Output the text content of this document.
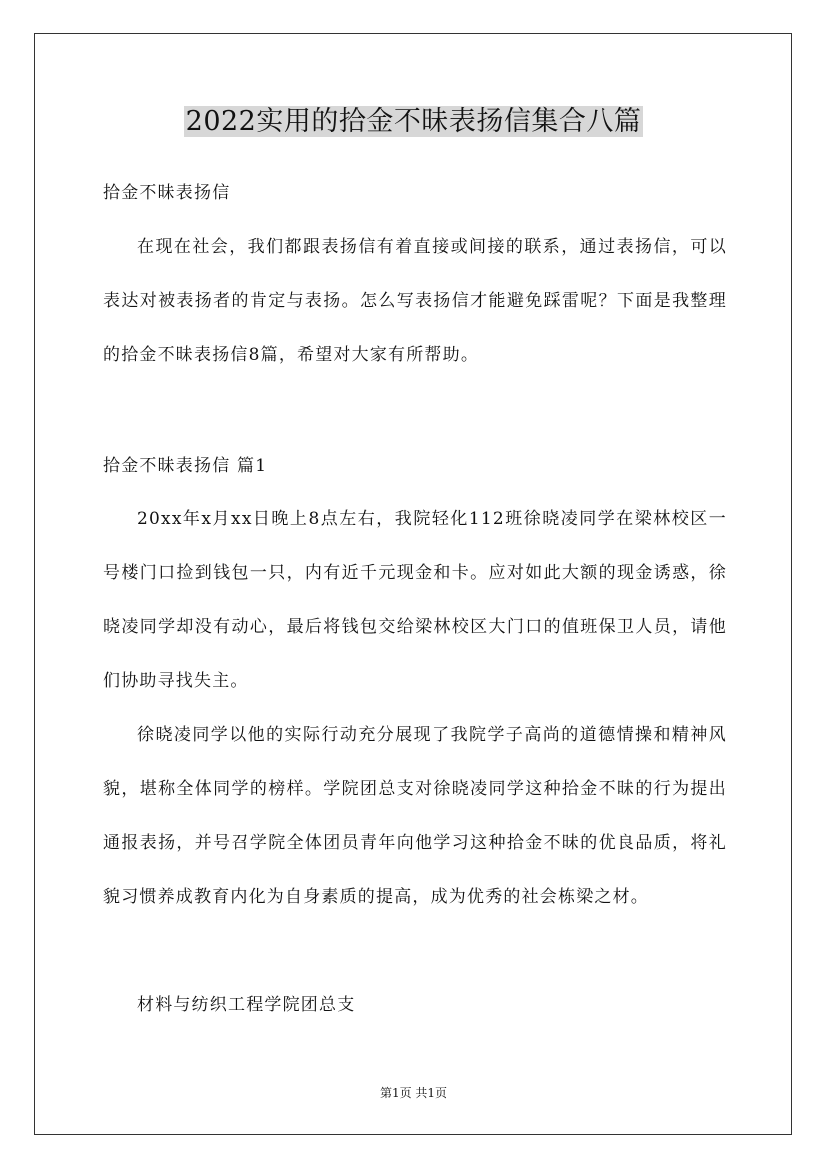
2022实用的拾金不昧表扬信集合八篇
拾金不昧表扬信
在现在社会，我们都跟表扬信有着直接或间接的联系，通过表扬信，可以表达对被表扬者的肯定与表扬。怎么写表扬信才能避免踩雷呢？下面是我整理的拾金不昧表扬信8篇，希望对大家有所帮助。
拾金不昧表扬信 篇1
20xx年x月xx日晚上8点左右，我院轻化112班徐晓凌同学在梁林校区一号楼门口捡到钱包一只，内有近千元现金和卡。应对如此大额的现金诱惑，徐晓凌同学却没有动心，最后将钱包交给梁林校区大门口的值班保卫人员，请他们协助寻找失主。
徐晓凌同学以他的实际行动充分展现了我院学子高尚的道德情操和精神风貌，堪称全体同学的榜样。学院团总支对徐晓凌同学这种拾金不昧的行为提出通报表扬，并号召学院全体团员青年向他学习这种拾金不昧的优良品质，将礼貌习惯养成教育内化为自身素质的提高，成为优秀的社会栋梁之材。
材料与纺织工程学院团总支
第1页 共1页
